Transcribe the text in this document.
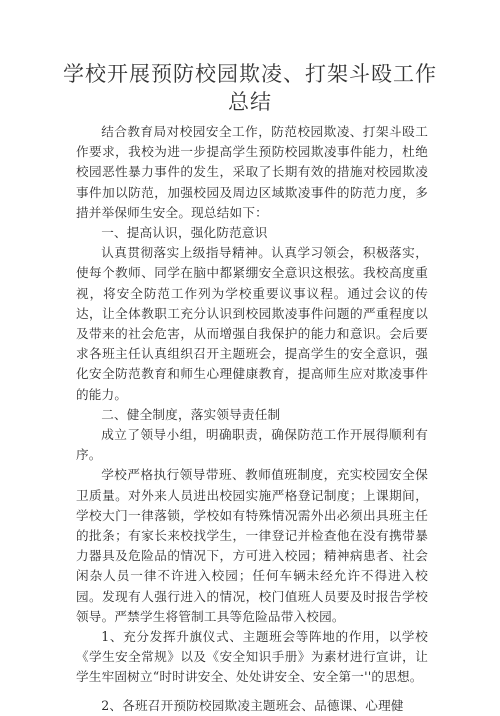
学校开展预防校园欺凌、打架斗殴工作
总结

结合教育局对校园安全工作，防范校园欺凌、打架斗殴工作要求，我校为进一步提高学生预防校园欺凌事件能力，杜绝校园恶性暴力事件的发生，采取了长期有效的措施对校园欺凌事件加以防范，加强校园及周边区域欺凌事件的防范力度，多措并举保师生安全。现总结如下：

一、提高认识，强化防范意识

认真贯彻落实上级指导精神。认真学习领会，积极落实，使每个教师、同学在脑中都紧绷安全意识这根弦。我校高度重视，将安全防范工作列为学校重要议事议程。通过会议的传达，让全体教职工充分认识到校园欺凌事件问题的严重程度以及带来的社会危害，从而增强自我保护的能力和意识。会后要求各班主任认真组织召开主题班会，提高学生的安全意识，强化安全防范教育和师生心理健康教育，提高师生应对欺凌事件的能力。

二、健全制度，落实领导责任制

成立了领导小组，明确职责，确保防范工作开展得顺利有序。

学校严格执行领导带班、教师值班制度，充实校园安全保卫质量。对外来人员进出校园实施严格登记制度；上课期间，学校大门一律落锁，学校如有特殊情况需外出必须出具班主任的批条；有家长来校找学生，一律登记并检查他在没有携带暴力器具及危险品的情况下，方可进入校园；精神病患者、社会闲杂人员一律不许进入校园；任何车辆未经允许不得进入校园。发现有人强行进入的情况，校门值班人员要及时报告学校领导。严禁学生将管制工具等危险品带入校园。

1、充分发挥升旗仪式、主题班会等阵地的作用，以学校《学生安全常规》以及《安全知识手册》为素材进行宣讲，让学生牢固树立“时时讲安全、处处讲安全、安全第一''的思想。

2、各班召开预防校园欺凌主题班会、品德课、心理健
